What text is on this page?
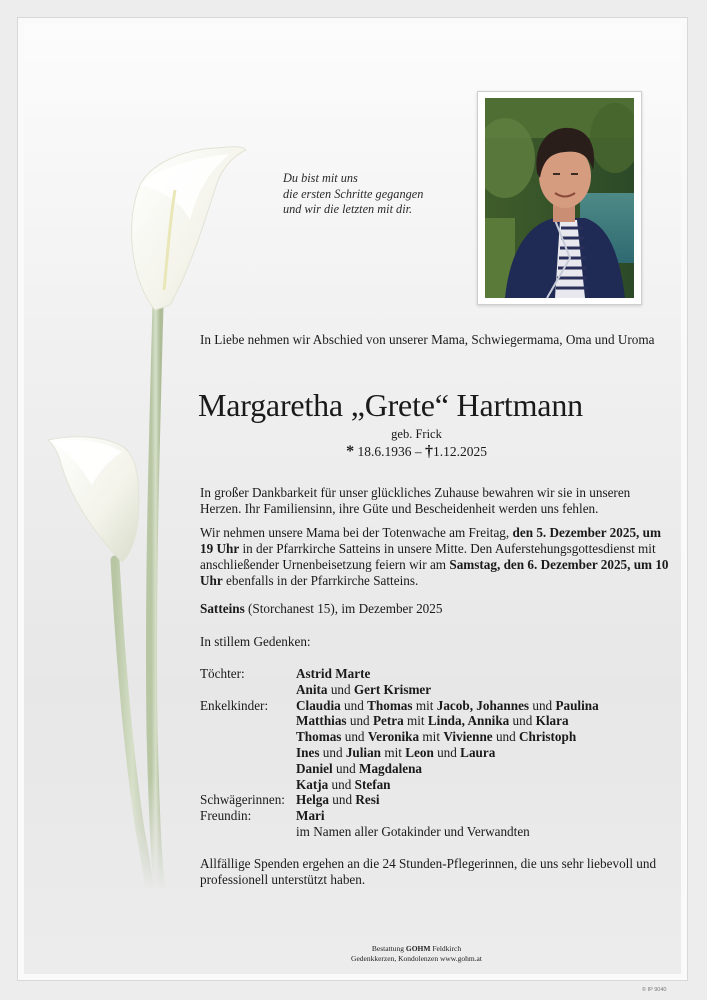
Du bist mit uns
die ersten Schritte gegangen
und wir die letzten mit dir.
In Liebe nehmen wir Abschied von unserer Mama, Schwiegermama, Oma und Uroma
Margaretha „Grete“ Hartmann
geb. Frick
* 18.6.1936 – †1.12.2025
In großer Dankbarkeit für unser glückliches Zuhause bewahren wir sie in unseren Herzen. Ihr Familiensinn, ihre Güte und Bescheidenheit werden uns fehlen.
Wir nehmen unsere Mama bei der Totenwache am Freitag, den 5. Dezember 2025, um 19 Uhr in der Pfarrkirche Satteins in unsere Mitte. Den Auferstehungsgottesdienst mit anschließender Urnenbeisetzung feiern wir am Samstag, den 6. Dezember 2025, um 10 Uhr ebenfalls in der Pfarrkirche Satteins.
Satteins (Storchanest 15), im Dezember 2025
In stillem Gedenken:
Töchter:	Astrid Marte
Anita und Gert Krismer
Enkelkinder:	Claudia und Thomas mit Jacob, Johannes und Paulina
Matthias und Petra mit Linda, Annika und Klara
Thomas und Veronika mit Vivienne und Christoph
Ines und Julian mit Leon und Laura
Daniel und Magdalena
Katja und Stefan
Schwägerinnen: Helga und Resi
Freundin:	Mari
im Namen aller Gotakinder und Verwandten
Allfällige Spenden ergehen an die 24 Stunden-Pflegerinnen, die uns sehr liebevoll und professionell unterstützt haben.
Bestattung GOHM Feldkirch
Gedenkkerzen, Kondolenzen www.gohm.at
© IP 9040
